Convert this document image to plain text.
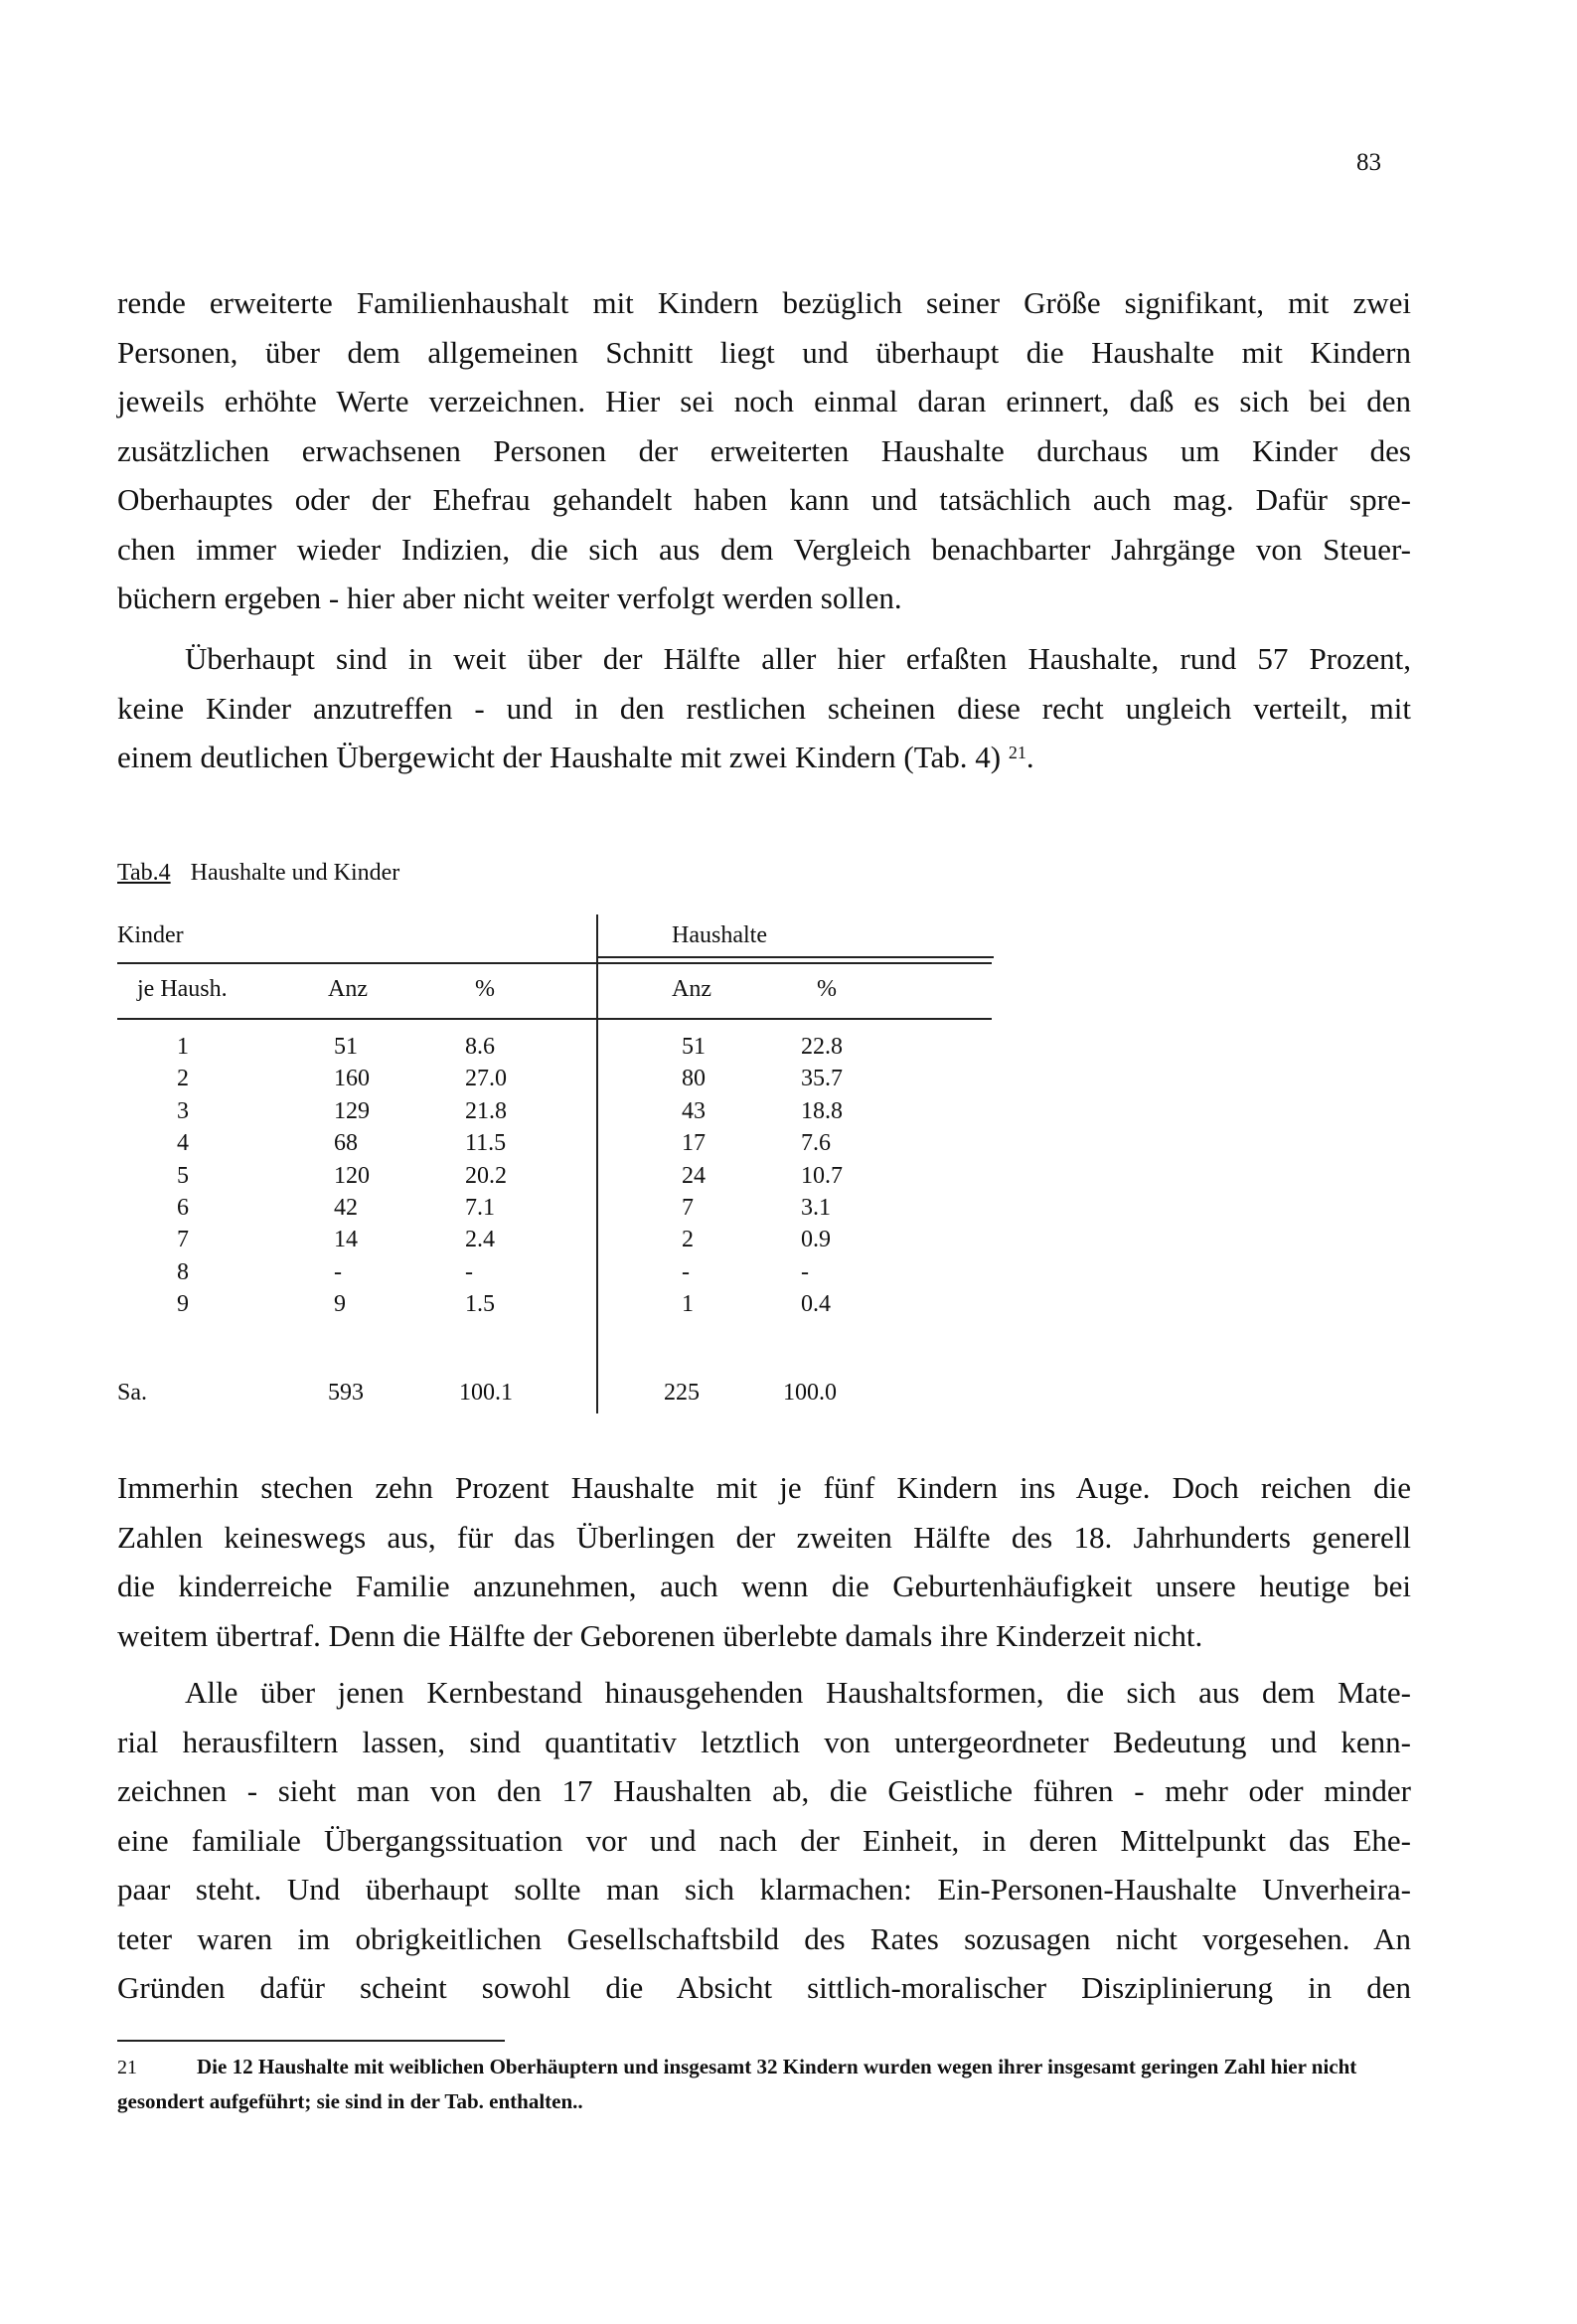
83

rende erweiterte Familienhaushalt mit Kindern bezüglich seiner Größe signifikant, mit zwei
Personen, über dem allgemeinen Schnitt liegt und überhaupt die Haushalte mit Kindern
jeweils erhöhte Werte verzeichnen. Hier sei noch einmal daran erinnert, daß es sich bei den
zusätzlichen erwachsenen Personen der erweiterten Haushalte durchaus um Kinder des
Oberhauptes oder der Ehefrau gehandelt haben kann und tatsächlich auch mag. Dafür spre-
chen immer wieder Indizien, die sich aus dem Vergleich benachbarter Jahrgänge von Steuer-
büchern ergeben - hier aber nicht weiter verfolgt werden sollen.

Überhaupt sind in weit über der Hälfte aller hier erfaßten Haushalte, rund 57 Prozent,
keine Kinder anzutreffen - und in den restlichen scheinen diese recht ungleich verteilt, mit
einem deutlichen Übergewicht der Haushalte mit zwei Kindern (Tab. 4) $^{21}$.

Tab.4 Haushalte und Kinder
Kinder	Haushalte
je Haush.	Anz	%	Anz	%
1	51	8.6	51	22.8
2	160	27.0	80	35.7
3	129	21.8	43	18.8
4	68	11.5	17	7.6
5	120	20.2	24	10.7
6	42	7.1	7	3.1
7	14	2.4	2	0.9
8	-	-	-	-
9	9	1.5	1	0.4
Sa.	593	100.1	225	100.0

Immerhin stechen zehn Prozent Haushalte mit je fünf Kindern ins Auge. Doch reichen die
Zahlen keineswegs aus, für das Überlingen der zweiten Hälfte des 18. Jahrhunderts generell
die kinderreiche Familie anzunehmen, auch wenn die Geburtenhäufigkeit unsere heutige bei
weitem übertraf. Denn die Hälfte der Geborenen überlebte damals ihre Kinderzeit nicht.

Alle über jenen Kernbestand hinausgehenden Haushaltsformen, die sich aus dem Mate-
rial herausfiltern lassen, sind quantitativ letztlich von untergeordneter Bedeutung und kenn-
zeichnen - sieht man von den 17 Haushalten ab, die Geistliche führen - mehr oder minder
eine familiale Übergangssituation vor und nach der Einheit, in deren Mittelpunkt das Ehe-
paar steht. Und überhaupt sollte man sich klarmachen: Ein-Personen-Haushalte Unverheira-
teter waren im obrigkeitlichen Gesellschaftsbild des Rates sozusagen nicht vorgesehen. An
Gründen dafür scheint sowohl die Absicht sittlich-moralischer Disziplinierung in den

21	Die 12 Haushalte mit weiblichen Oberhäuptern und insgesamt 32 Kindern wurden wegen ihrer insgesamt geringen Zahl hier nicht gesondert aufgeführt; sie sind in der Tab. enthalten..
